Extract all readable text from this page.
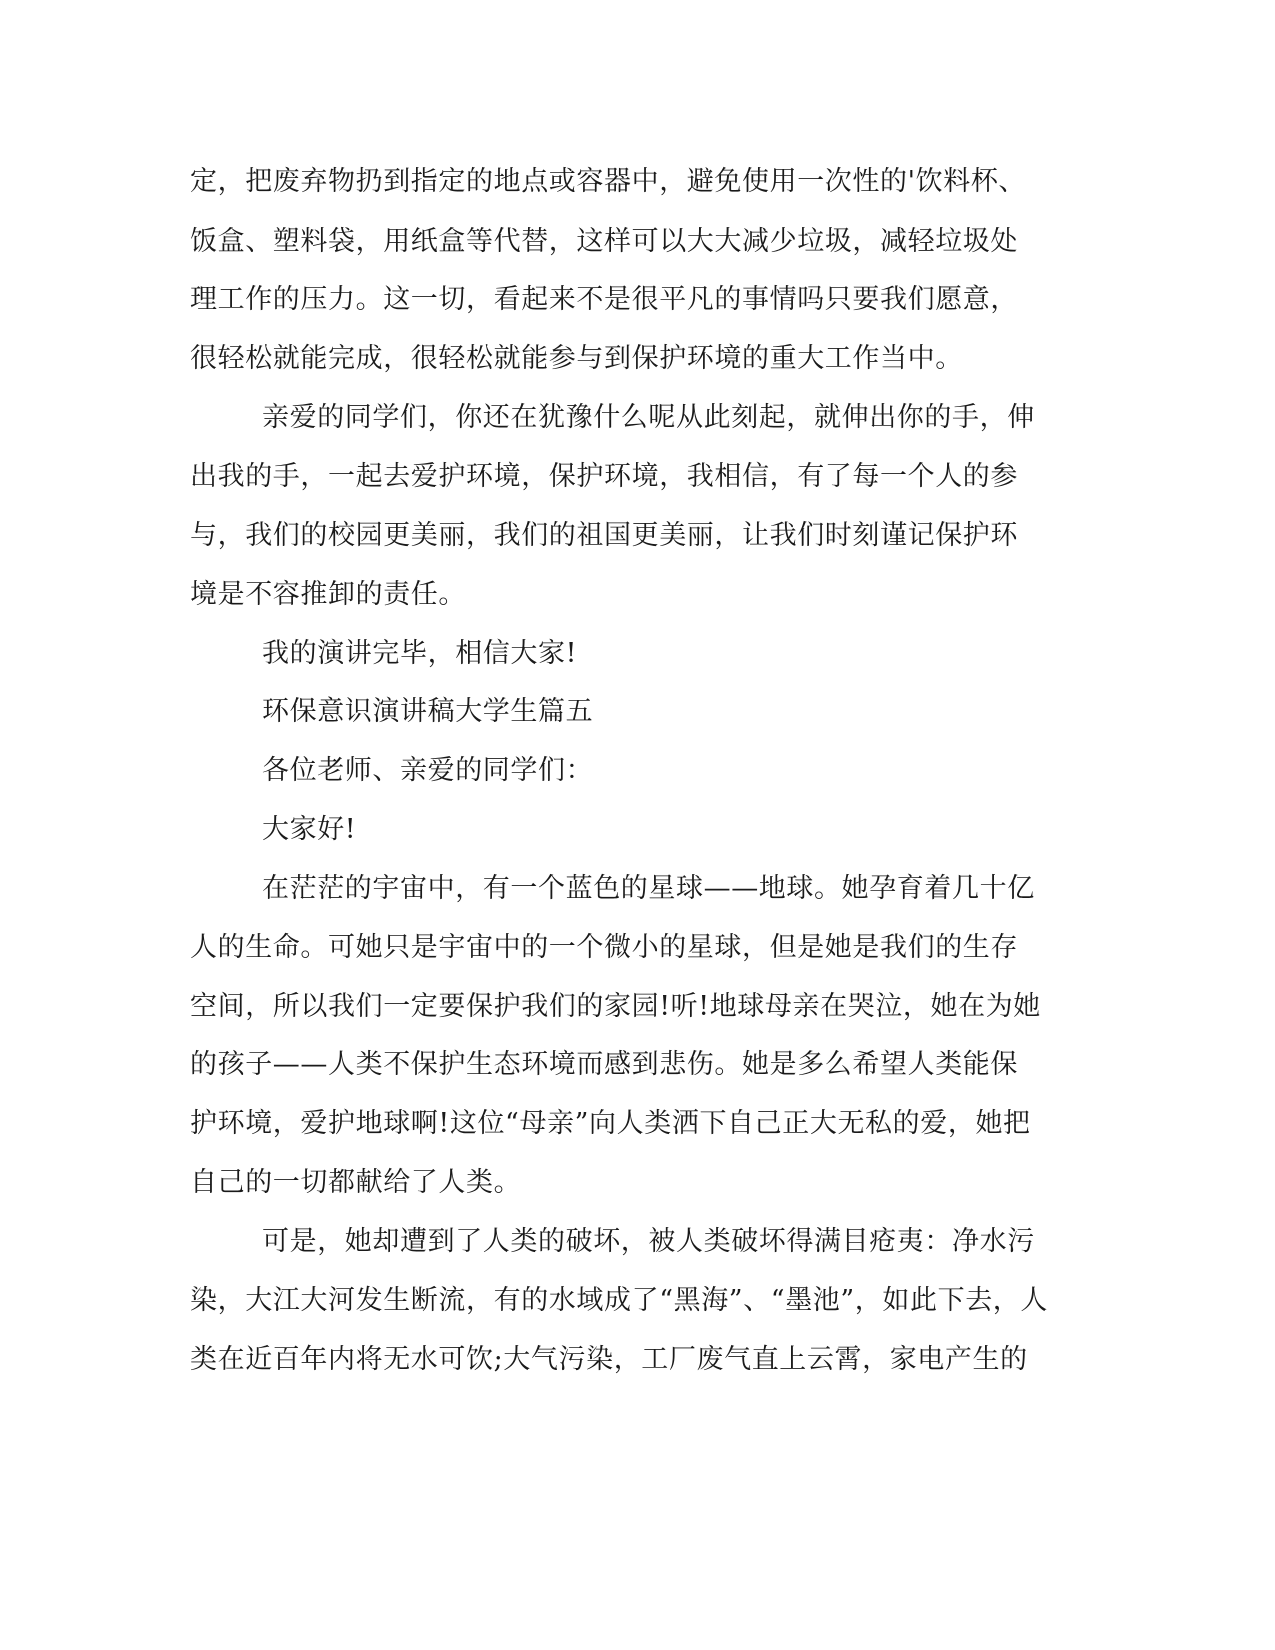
定，把废弃物扔到指定的地点或容器中，避免使用一次性的'饮料杯、
饭盒、塑料袋，用纸盒等代替，这样可以大大减少垃圾，减轻垃圾处
理工作的压力。这一切，看起来不是很平凡的事情吗只要我们愿意，
很轻松就能完成，很轻松就能参与到保护环境的重大工作当中。
亲爱的同学们，你还在犹豫什么呢从此刻起，就伸出你的手，伸
出我的手，一起去爱护环境，保护环境，我相信，有了每一个人的参
与，我们的校园更美丽，我们的祖国更美丽，让我们时刻谨记保护环
境是不容推卸的责任。
我的演讲完毕，相信大家!
环保意识演讲稿大学生篇五
各位老师、亲爱的同学们：
大家好!
在茫茫的宇宙中，有一个蓝色的星球——地球。她孕育着几十亿
人的生命。可她只是宇宙中的一个微小的星球，但是她是我们的生存
空间，所以我们一定要保护我们的家园!听!地球母亲在哭泣，她在为她
的孩子——人类不保护生态环境而感到悲伤。她是多么希望人类能保
护环境，爱护地球啊!这位“母亲”向人类洒下自己正大无私的爱，她把
自己的一切都献给了人类。
可是，她却遭到了人类的破坏，被人类破坏得满目疮夷：净水污
染，大江大河发生断流，有的水域成了“黑海”、“墨池”，如此下去，人
类在近百年内将无水可饮;大气污染，工厂废气直上云霄，家电产生的
